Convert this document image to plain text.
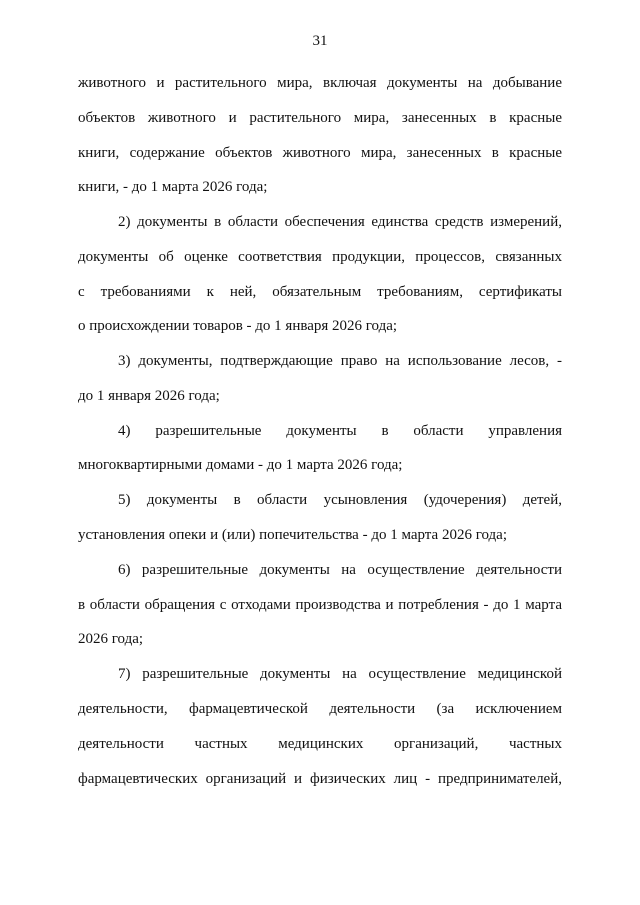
31
животного и растительного мира, включая документы на добывание
объектов животного и растительного мира, занесенных в красные
книги, содержание объектов животного мира, занесенных в красные
книги, - до 1 марта 2026 года;
2) документы в области обеспечения единства средств измерений,
документы об оценке соответствия продукции, процессов, связанных
с требованиями к ней, обязательным требованиям, сертификаты
о происхождении товаров - до 1 января 2026 года;
3) документы, подтверждающие право на использование лесов, -
до 1 января 2026 года;
4) разрешительные документы в области управления
многоквартирными домами - до 1 марта 2026 года;
5) документы в области усыновления (удочерения) детей,
установления опеки и (или) попечительства - до 1 марта 2026 года;
6) разрешительные документы на осуществление деятельности
в области обращения с отходами производства и потребления - до 1 марта
2026 года;
7) разрешительные документы на осуществление медицинской
деятельности, фармацевтической деятельности (за исключением
деятельности частных медицинских организаций, частных
фармацевтических организаций и физических лиц - предпринимателей,
